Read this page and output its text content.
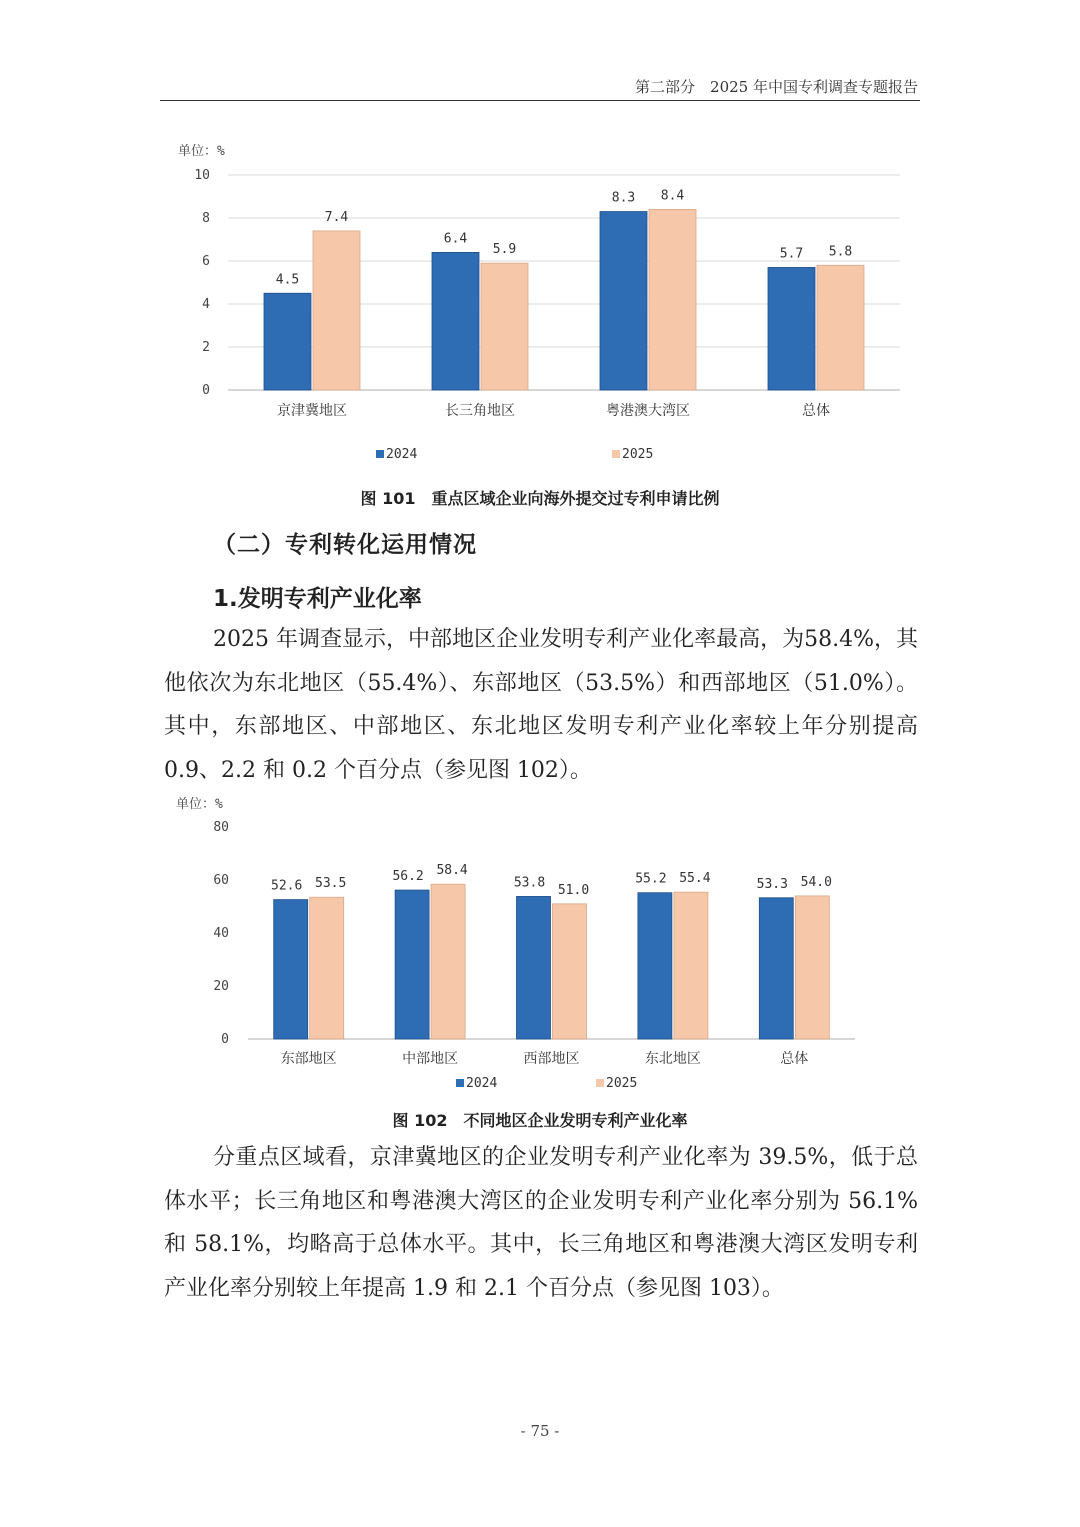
第二部分　2025 年中国专利调查专题报告
单位：%
0
2
4
6
8
10
4.5
7.4
京津冀地区
6.4
5.9
长三角地区
8.3 8.4
粤港澳大湾区
5.7 5.8
总体
2024	2025
图 101　重点区域企业向海外提交过专利申请比例
（二）专利转化运用情况
1.发明专利产业化率

2025 年调查显示，中部地区企业发明专利产业化率最高，为58.4%，其他依次为东北地区（55.4%）、东部地区（53.5%）和西部地区（51.0%）。其中，东部地区、中部地区、东北地区发明专利产业化率较上年分别提高 0.9、2.2 和 0.2 个百分点（参见图 102）。

单位：%
0
20
40
60
80
52.6 53.5
东部地区
56.2 58.4
中部地区
53.8 51.0
西部地区
55.2 55.4
东北地区
53.3 54.0
总体
2024	2025
图 102　不同地区企业发明专利产业化率

分重点区域看，京津冀地区的企业发明专利产业化率为 39.5%，低于总体水平；长三角地区和粤港澳大湾区的企业发明专利产业化率分别为 56.1%和 58.1%，均略高于总体水平。其中，长三角地区和粤港澳大湾区发明专利产业化率分别较上年提高 1.9 和 2.1 个百分点（参见图 103）。

- 75 -
